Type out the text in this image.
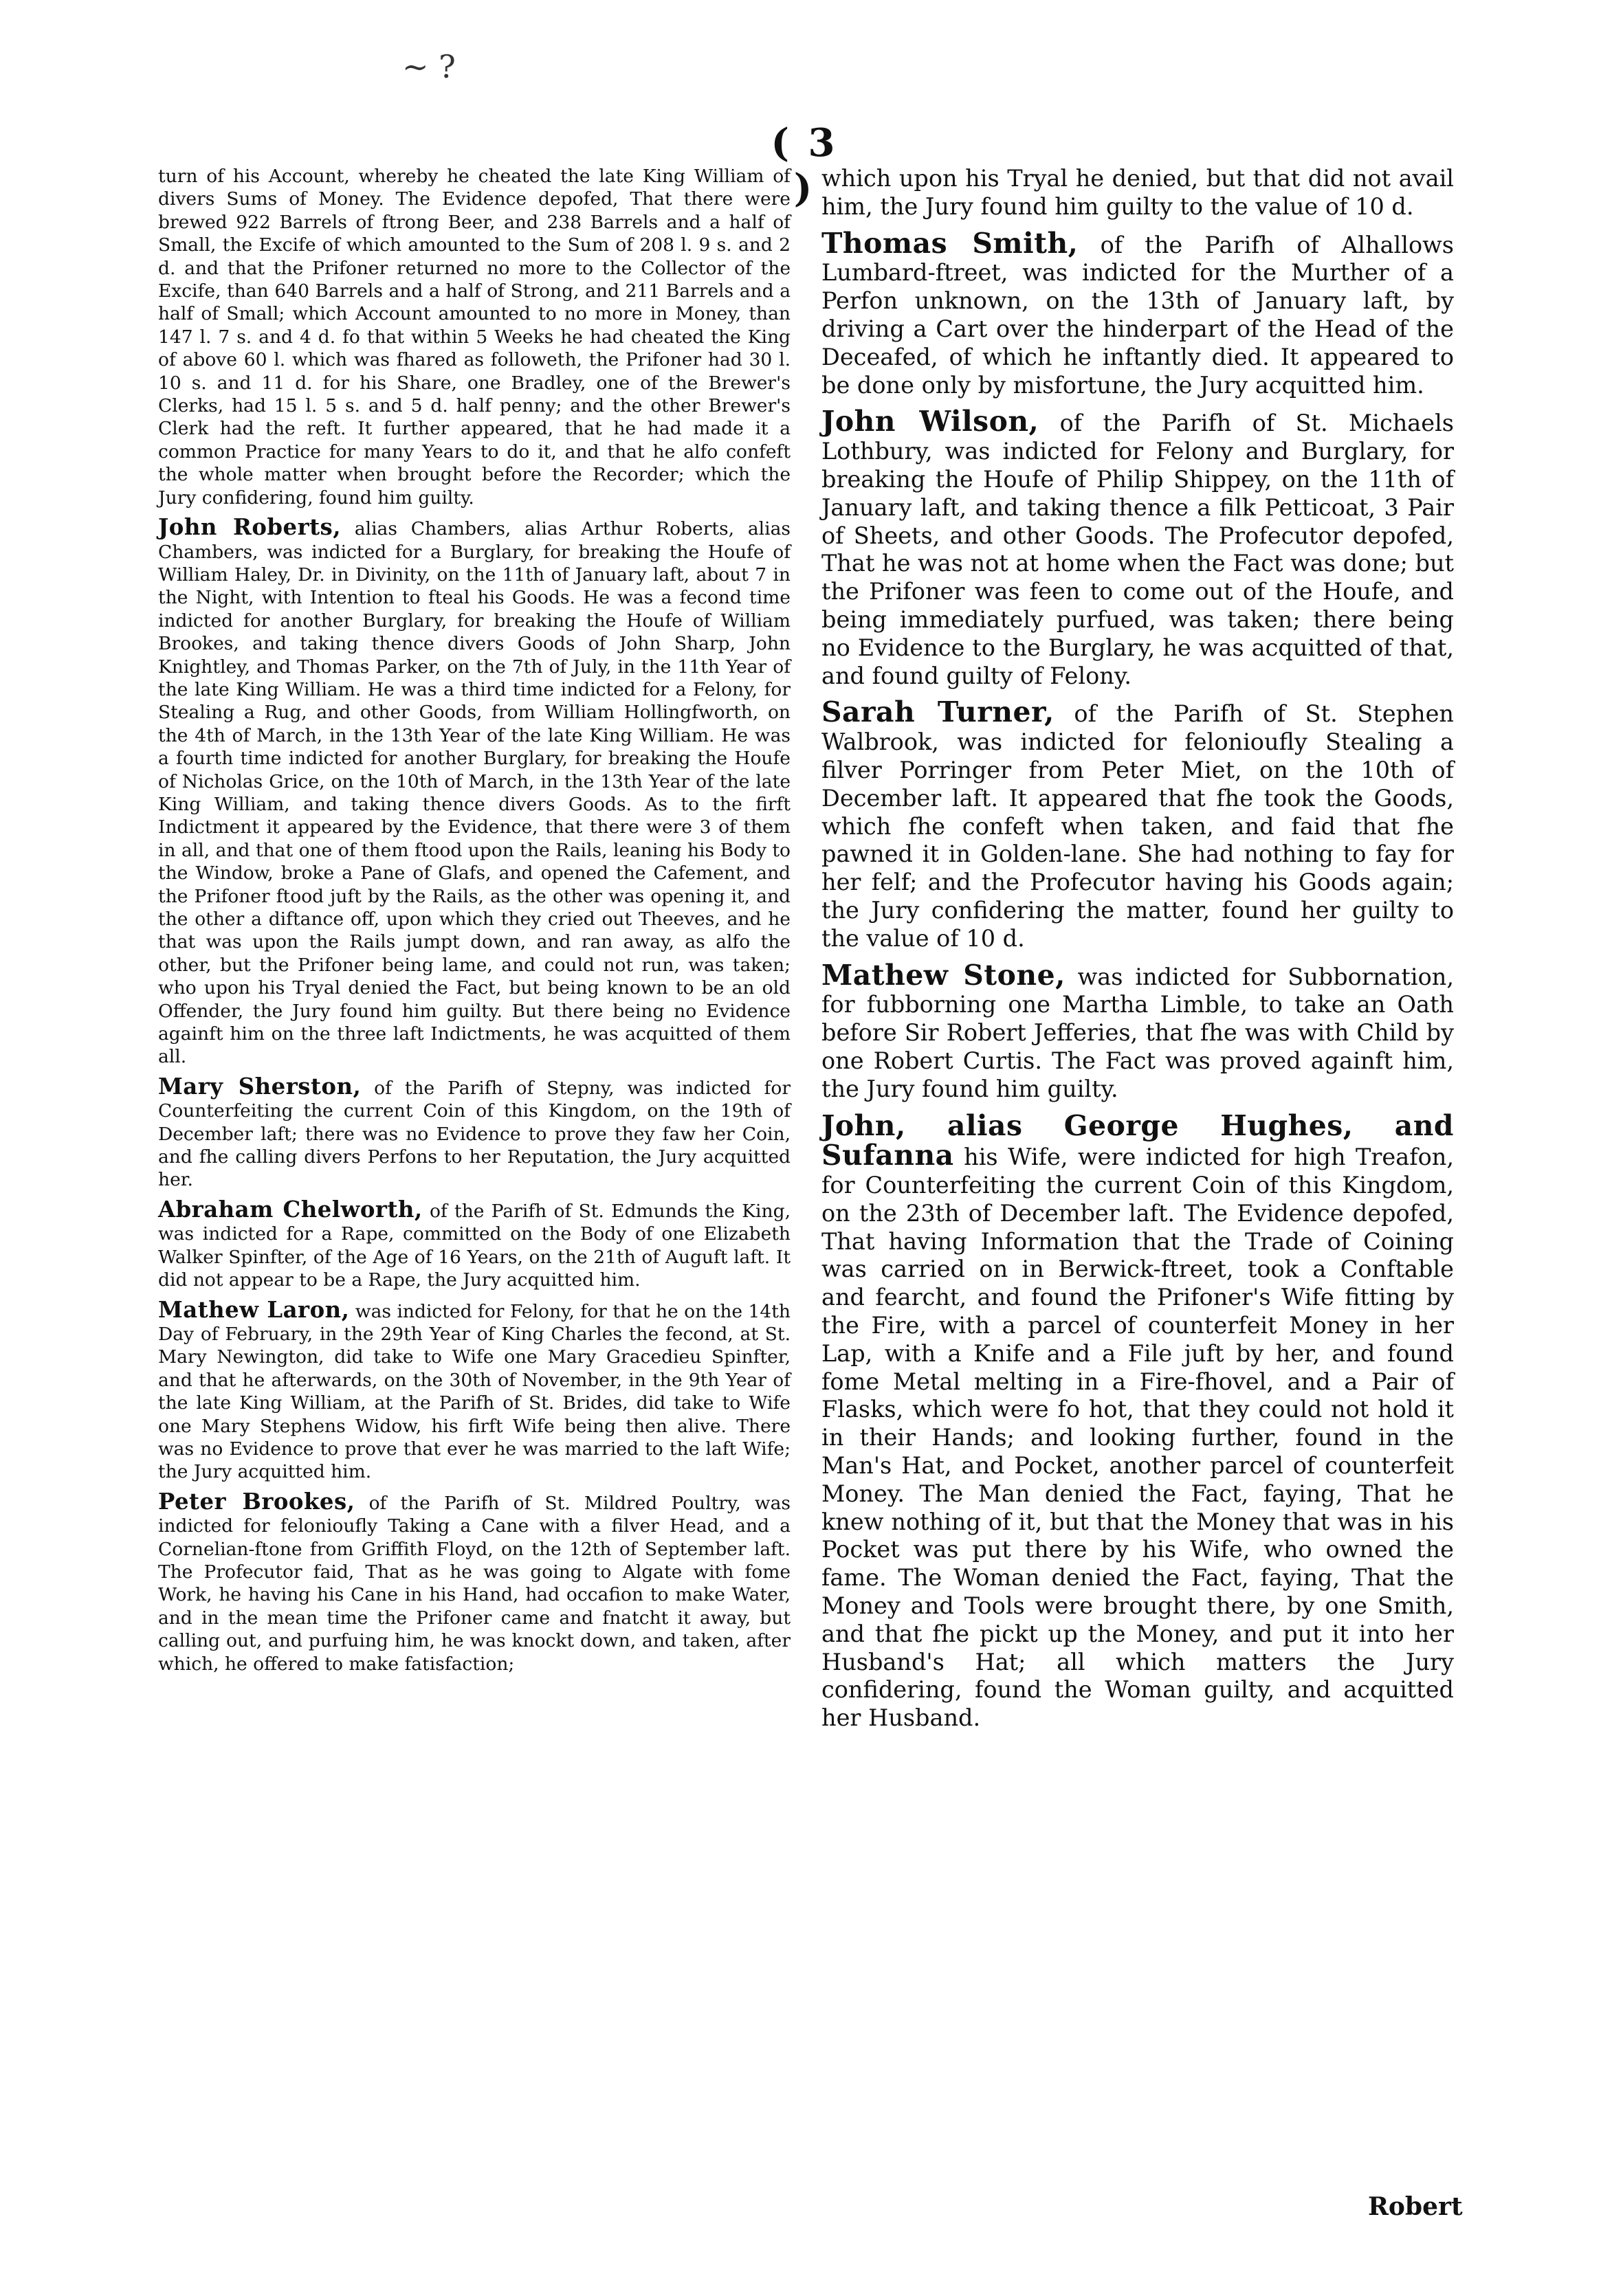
~ ?
( 3 )

turn of his Account, whereby he cheated the late King William of divers Sums of Money. The Evidence depofed, That there were brewed 922 Barrels of ftrong Beer, and 238 Barrels and a half of Small, the Excife of which amounted to the Sum of 208 l. 9 s. and 2 d. and that the Prifoner returned no more to the Collector of the Excife, than 640 Barrels and a half of Strong, and 211 Barrels and a half of Small; which Account amounted to no more in Money, than 147 l. 7 s. and 4 d. fo that within 5 Weeks he had cheated the King of above 60 l. which was fhared as followeth, the Prifoner had 30 l. 10 s. and 11 d. for his Share, one Bradley, one of the Brewer's Clerks, had 15 l. 5 s. and 5 d. half penny; and the other Brewer's Clerk had the reft. It further appeared, that he had made it a common Practice for many Years to do it, and that he alfo confeft the whole matter when brought before the Recorder; which the Jury confidering, found him guilty.

John Roberts, alias Chambers, alias Arthur Roberts, alias Chambers, was indicted for a Burglary, for breaking the Houfe of William Haley, Dr. in Divinity, on the 11th of January laft, about 7 in the Night, with Intention to fteal his Goods. He was a fecond time indicted for another Burglary, for breaking the Houfe of William Brookes, and taking thence divers Goods of John Sharp, John Knightley, and Thomas Parker, on the 7th of July, in the 11th Year of the late King William. He was a third time indicted for a Felony, for Stealing a Rug, and other Goods, from William Hollingfworth, on the 4th of March, in the 13th Year of the late King William. He was a fourth time indicted for another Burglary, for breaking the Houfe of Nicholas Grice, on the 10th of March, in the 13th Year of the late King William, and taking thence divers Goods. As to the firft Indictment it appeared by the Evidence, that there were 3 of them in all, and that one of them ftood upon the Rails, leaning his Body to the Window, broke a Pane of Glafs, and opened the Cafement, and the Prifoner ftood juft by the Rails, as the other was opening it, and the other a diftance off, upon which they cried out Theeves, and he that was upon the Rails jumpt down, and ran away, as alfo the other, but the Prifoner being lame, and could not run, was taken; who upon his Tryal denied the Fact, but being known to be an old Offender, the Jury found him guilty. But there being no Evidence againft him on the three laft Indictments, he was acquitted of them all.

Mary Sherston, of the Parifh of Stepny, was indicted for Counterfeiting the current Coin of this Kingdom, on the 19th of December laft; there was no Evidence to prove they faw her Coin, and fhe calling divers Perfons to her Reputation, the Jury acquitted her.

Abraham Chelworth, of the Parifh of St. Edmunds the King, was indicted for a Rape, committed on the Body of one Elizabeth Walker Spinfter, of the Age of 16 Years, on the 21th of Auguft laft. It did not appear to be a Rape, the Jury acquitted him.

Mathew Laron, was indicted for Felony, for that he on the 14th Day of February, in the 29th Year of King Charles the fecond, at St. Mary Newington, did take to Wife one Mary Gracedieu Spinfter, and that he afterwards, on the 30th of November, in the 9th Year of the late King William, at the Parifh of St. Brides, did take to Wife one Mary Stephens Widow, his firft Wife being then alive. There was no Evidence to prove that ever he was married to the laft Wife; the Jury acquitted him.

Peter Brookes, of the Parifh of St. Mildred Poultry, was indicted for felonioufly Taking a Cane with a filver Head, and a Cornelian-ftone from Griffith Floyd, on the 12th of September laft. The Profecutor faid, That as he was going to Algate with fome Work, he having his Cane in his Hand, had occafion to make Water, and in the mean time the Prifoner came and fnatcht it away, but calling out, and purfuing him, he was knockt down, and taken, after which, he offered to make fatisfaction;

which upon his Tryal he denied, but that did not avail him, the Jury found him guilty to the value of 10 d.

Thomas Smith, of the Parifh of Alhallows Lumbard-ftreet, was indicted for the Murther of a Perfon unknown, on the 13th of January laft, by driving a Cart over the hinderpart of the Head of the Deceafed, of which he inftantly died. It appeared to be done only by misfortune, the Jury acquitted him.

John Wilson, of the Parifh of St. Michaels Lothbury, was indicted for Felony and Burglary, for breaking the Houfe of Philip Shippey, on the 11th of January laft, and taking thence a filk Petticoat, 3 Pair of Sheets, and other Goods. The Profecutor depofed, That he was not at home when the Fact was done; but the Prifoner was feen to come out of the Houfe, and being immediately purfued, was taken; there being no Evidence to the Burglary, he was acquitted of that, and found guilty of Felony.

Sarah Turner, of the Parifh of St. Stephen Walbrook, was indicted for felonioufly Stealing a filver Porringer from Peter Miet, on the 10th of December laft. It appeared that fhe took the Goods, which fhe confeft when taken, and faid that fhe pawned it in Golden-lane. She had nothing to fay for her felf; and the Profecutor having his Goods again; the Jury confidering the matter, found her guilty to the value of 10 d.

Mathew Stone, was indicted for Subbornation, for fubborning one Martha Limble, to take an Oath before Sir Robert Jefferies, that fhe was with Child by one Robert Curtis. The Fact was proved againft him, the Jury found him guilty.

John, alias George Hughes, and Sufanna his Wife, were indicted for high Treafon, for Counterfeiting the current Coin of this Kingdom, on the 23th of December laft. The Evidence depofed, That having Information that the Trade of Coining was carried on in Berwick-ftreet, took a Conftable and fearcht, and found the Prifoner's Wife fitting by the Fire, with a parcel of counterfeit Money in her Lap, with a Knife and a File juft by her, and found fome Metal melting in a Fire-fhovel, and a Pair of Flasks, which were fo hot, that they could not hold it in their Hands; and looking further, found in the Man's Hat, and Pocket, another parcel of counterfeit Money. The Man denied the Fact, faying, That he knew nothing of it, but that the Money that was in his Pocket was put there by his Wife, who owned the fame. The Woman denied the Fact, faying, That the Money and Tools were brought there, by one Smith, and that fhe pickt up the Money, and put it into her Husband's Hat; all which matters the Jury confidering, found the Woman guilty, and acquitted her Husband.

Robert
